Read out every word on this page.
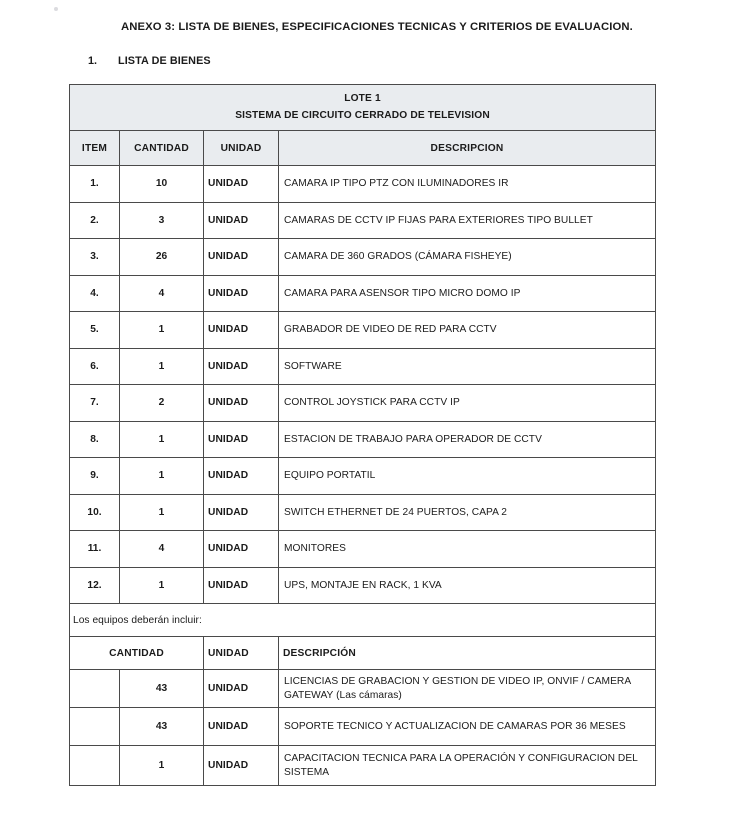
ANEXO 3: LISTA DE BIENES, ESPECIFICACIONES TECNICAS Y CRITERIOS DE EVALUACION.
1. LISTA DE BIENES
LOTE 1
SISTEMA DE CIRCUITO CERRADO DE TELEVISION			

ITEM	CANTIDAD	UNIDAD	DESCRIPCION
1.	10	UNIDAD	CAMARA IP TIPO PTZ CON ILUMINADORES IR
2.	3	UNIDAD	CAMARAS DE CCTV IP FIJAS PARA EXTERIORES TIPO BULLET
3.	26	UNIDAD	CAMARA DE 360 GRADOS (CÁMARA FISHEYE)
4.	4	UNIDAD	CAMARA PARA ASENSOR TIPO MICRO DOMO IP
5.	1	UNIDAD	GRABADOR DE VIDEO DE RED PARA CCTV
6.	1	UNIDAD	SOFTWARE
7.	2	UNIDAD	CONTROL JOYSTICK PARA CCTV IP
8.	1	UNIDAD	ESTACION DE TRABAJO PARA OPERADOR DE CCTV
9.	1	UNIDAD	EQUIPO PORTATIL
10.	1	UNIDAD	SWITCH ETHERNET DE 24 PUERTOS, CAPA 2
11.	4	UNIDAD	MONITORES
12.	1	UNIDAD	UPS, MONTAJE EN RACK, 1 KVA
Los equipos deberán incluir:			
CANTIDAD		UNIDAD	DESCRIPCIÓN
	43	UNIDAD	LICENCIAS DE GRABACION Y GESTION DE VIDEO IP, ONVIF / CAMERA GATEWAY (Las cámaras)
	43	UNIDAD	SOPORTE TECNICO Y ACTUALIZACION DE CAMARAS POR 36 MESES
	1	UNIDAD	CAPACITACION TECNICA PARA LA OPERACIÓN Y CONFIGURACION DEL SISTEMA
